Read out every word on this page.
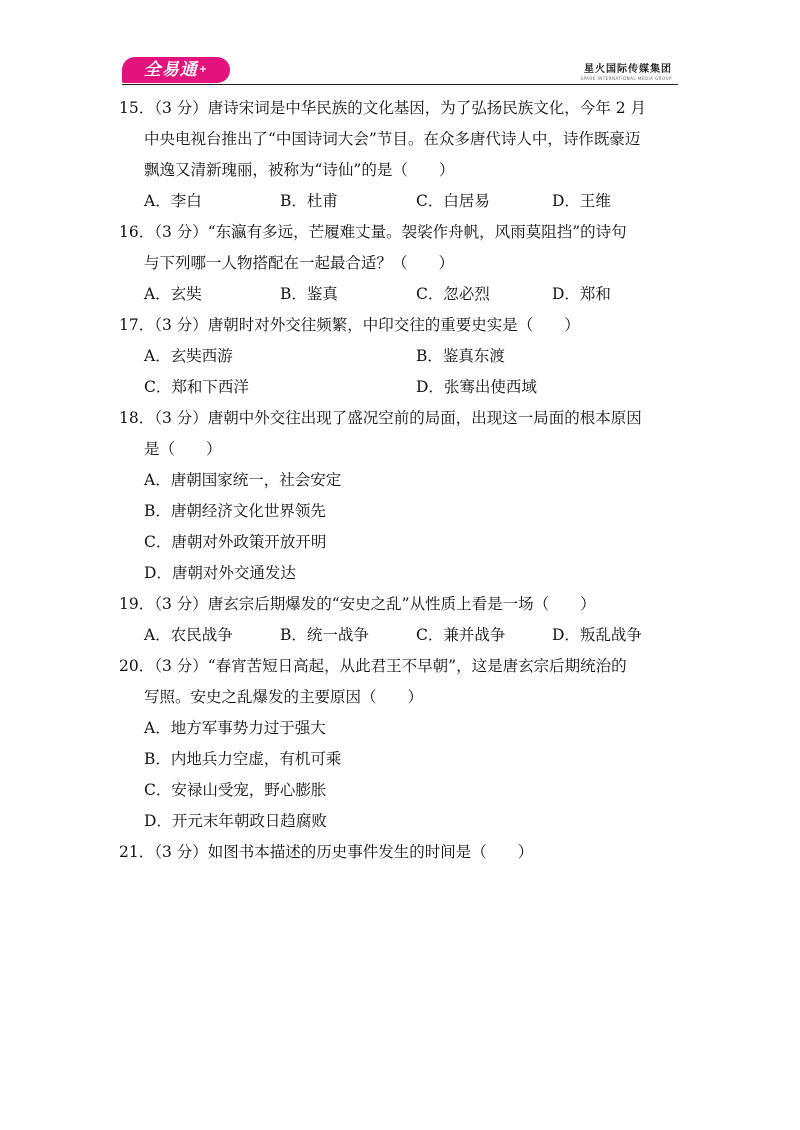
全易通+	星火国际传媒集团
SPARK INTERNATIONAL MEDIA GROUP
15．（3 分）唐诗宋词是中华民族的文化基因，为了弘扬民族文化，今年 2 月
中央电视台推出了“中国诗词大会”节目。在众多唐代诗人中，诗作既豪迈
飘逸又清新瑰丽，被称为“诗仙”的是（　　）
A．李白	B．杜甫	C．白居易	D．王维
16．（3 分）“东瀛有多远，芒履难丈量。袈裟作舟帆，风雨莫阻挡”的诗句
与下列哪一人物搭配在一起最合适？（　　）
A．玄奘	B．鉴真	C．忽必烈	D．郑和
17．（3 分）唐朝时对外交往频繁，中印交往的重要史实是（　　）
A．玄奘西游	B．鉴真东渡
C．郑和下西洋	D．张骞出使西域
18．（3 分）唐朝中外交往出现了盛况空前的局面，出现这一局面的根本原因
是（　　）
A．唐朝国家统一，社会安定
B．唐朝经济文化世界领先
C．唐朝对外政策开放开明
D．唐朝对外交通发达
19．（3 分）唐玄宗后期爆发的“安史之乱”从性质上看是一场（　　）
A．农民战争	B．统一战争	C．兼并战争	D．叛乱战争
20．（3 分）“春宵苦短日高起，从此君王不早朝”，这是唐玄宗后期统治的
写照。安史之乱爆发的主要原因（　　）
A．地方军事势力过于强大
B．内地兵力空虚，有机可乘
C．安禄山受宠，野心膨胀
D．开元末年朝政日趋腐败
21．（3 分）如图书本描述的历史事件发生的时间是（　　）
